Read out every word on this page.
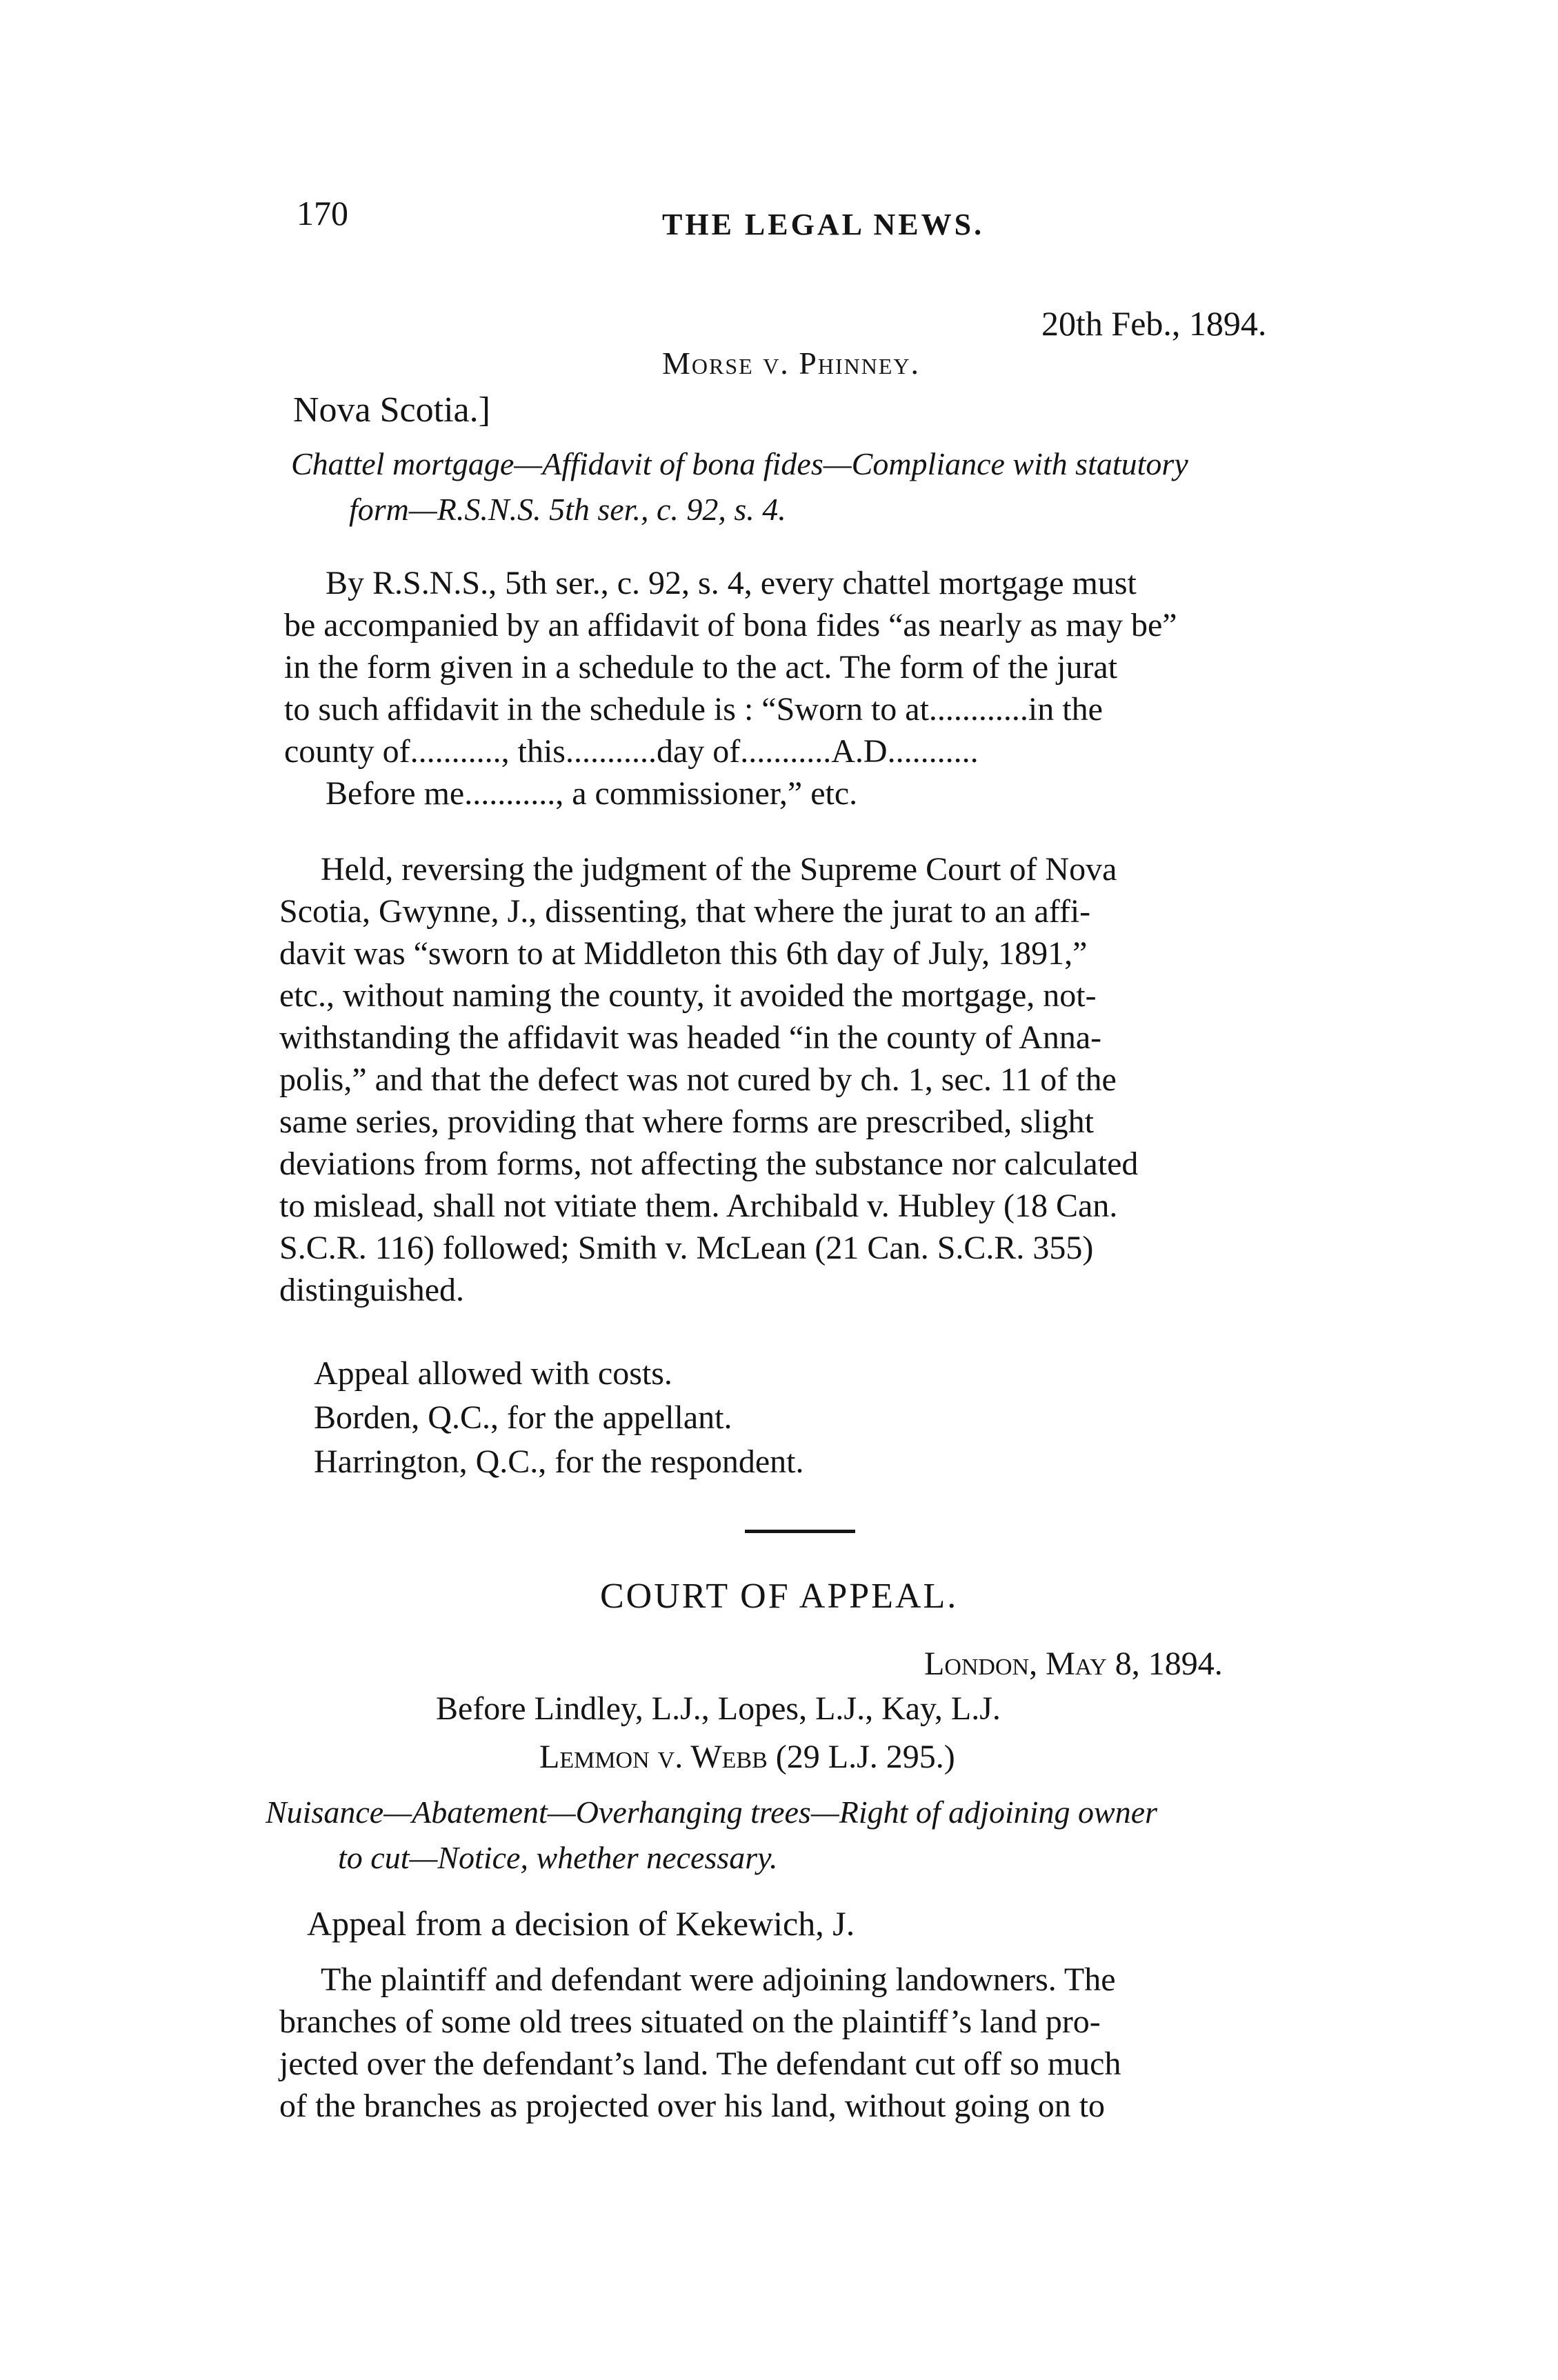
170	THE LEGAL NEWS.
20th Feb., 1894.
Morse v. Phinney.
Nova Scotia.]
Chattel mortgage—Affidavit of bona fides—Compliance with statutory
form—R.S.N.S. 5th ser., c. 92, s. 4.
By R.S.N.S., 5th ser., c. 92, s. 4, every chattel mortgage must
be accompanied by an affidavit of bona fides “as nearly as may be”
in the form given in a schedule to the act. The form of the jurat
to such affidavit in the schedule is : “Sworn to at............in the
county of..........., this...........day of...........A.D...........
Before me..........., a commissioner,” etc.
Held, reversing the judgment of the Supreme Court of Nova
Scotia, Gwynne, J., dissenting, that where the jurat to an affi-
davit was “sworn to at Middleton this 6th day of July, 1891,”
etc., without naming the county, it avoided the mortgage, not-
withstanding the affidavit was headed “in the county of Anna-
polis,” and that the defect was not cured by ch. 1, sec. 11 of the
same series, providing that where forms are prescribed, slight
deviations from forms, not affecting the substance nor calculated
to mislead, shall not vitiate them. Archibald v. Hubley (18 Can.
S.C.R. 116) followed; Smith v. McLean (21 Can. S.C.R. 355)
distinguished.
Appeal allowed with costs.
Borden, Q.C., for the appellant.
Harrington, Q.C., for the respondent.
COURT OF APPEAL.
London, May 8, 1894.
Before Lindley, L.J., Lopes, L.J., Kay, L.J.
Lemmon v. Webb (29 L.J. 295.)
Nuisance—Abatement—Overhanging trees—Right of adjoining owner
to cut—Notice, whether necessary.
Appeal from a decision of Kekewich, J.
The plaintiff and defendant were adjoining landowners. The
branches of some old trees situated on the plaintiff’s land pro-
jected over the defendant’s land. The defendant cut off so much
of the branches as projected over his land, without going on to
